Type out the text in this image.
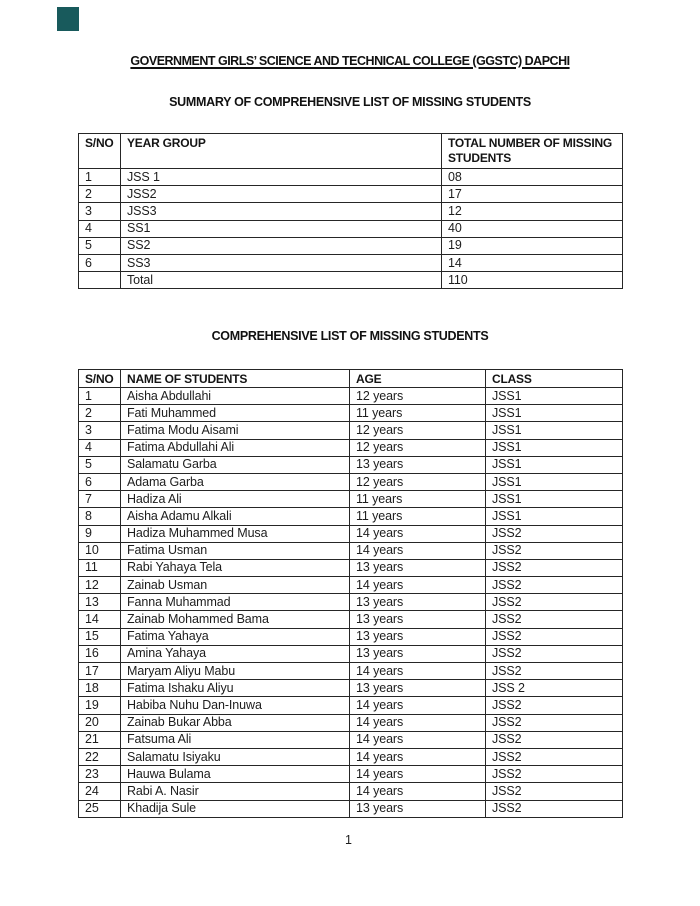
GOVERNMENT GIRLS’ SCIENCE AND TECHNICAL COLLEGE (GGSTC) DAPCHI
SUMMARY OF COMPREHENSIVE LIST OF MISSING STUDENTS
S/NO	YEAR GROUP	TOTAL NUMBER OF MISSING STUDENTS
1	JSS 1	08
2	JSS2	17
3	JSS3	12
4	SS1	40
5	SS2	19
6	SS3	14
	Total	110
COMPREHENSIVE LIST OF MISSING STUDENTS
S/NO	NAME OF STUDENTS	AGE	CLASS
1	Aisha Abdullahi	12 years	JSS1
2	Fati Muhammed	11 years	JSS1
3	Fatima Modu Aisami	12 years	JSS1
4	Fatima Abdullahi Ali	12 years	JSS1
5	Salamatu Garba	13 years	JSS1
6	Adama Garba	12 years	JSS1
7	Hadiza Ali	11 years	JSS1
8	Aisha Adamu Alkali	11 years	JSS1
9	Hadiza Muhammed Musa	14 years	JSS2
10	Fatima Usman	14 years	JSS2
11	Rabi Yahaya Tela	13 years	JSS2
12	Zainab Usman	14 years	JSS2
13	Fanna Muhammad	13 years	JSS2
14	Zainab Mohammed Bama	13 years	JSS2
15	Fatima Yahaya	13 years	JSS2
16	Amina Yahaya	13 years	JSS2
17	Maryam Aliyu Mabu	14 years	JSS2
18	Fatima Ishaku Aliyu	13 years	JSS 2
19	Habiba Nuhu Dan-Inuwa	14 years	JSS2
20	Zainab Bukar Abba	14 years	JSS2
21	Fatsuma Ali	14 years	JSS2
22	Salamatu Isiyaku	14 years	JSS2
23	Hauwa Bulama	14 years	JSS2
24	Rabi A. Nasir	14 years	JSS2
25	Khadija Sule	13 years	JSS2
1
